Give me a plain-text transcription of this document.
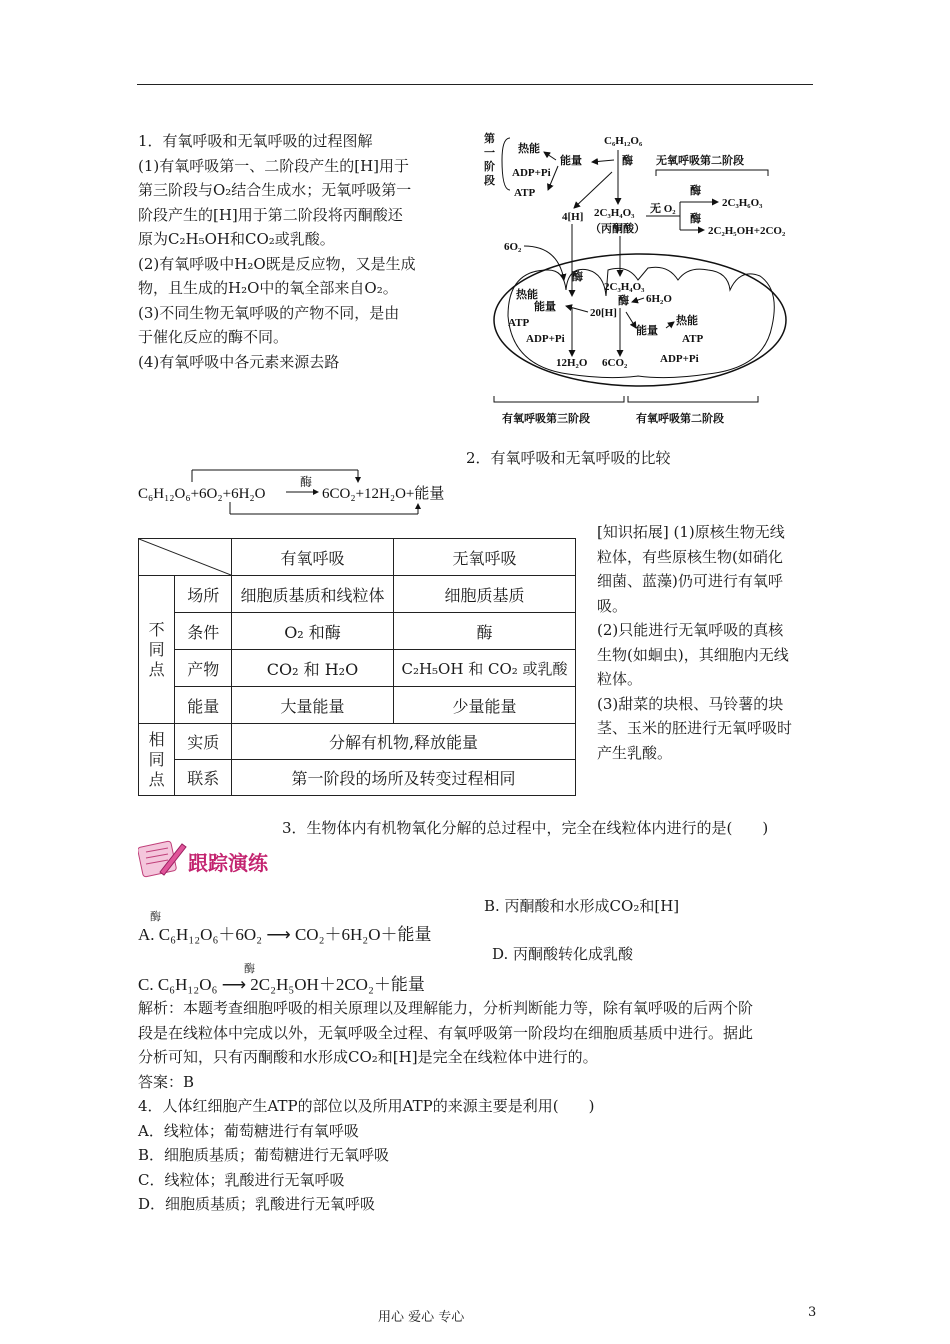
1．有氧呼吸和无氧呼吸的过程图解
(1)有氧呼吸第一、二阶段产生的[H]用于
第三阶段与O₂结合生成水；无氧呼吸第一
阶段产生的[H]用于第二阶段将丙酮酸还
原为C₂H₅OH和CO₂或乳酸。
(2)有氧呼吸中H₂O既是反应物，又是生成
物，且生成的H₂O中的氧全部来自O₂。
(3)不同生物无氧呼吸的产物不同，是由
于催化反应的酶不同。
(4)有氧呼吸中各元素来源去路
第
一
阶
段
热能
能量
ADP+Pi
ATP
C₆H₁₂O₆
酶 无氧呼吸第二阶段
酶
2C₃H₆O₃
酶
2C₂H₅OH+2CO₂
无 O₂
4[H] 2C₃H₄O₃
（丙酮酸）
6O₂
酶
2C₃H₄O₃
酶 6H₂O
热能
能量
ATP
ADP+Pi
20[H]
能量
热能
ATP
ADP+Pi
12H₂O 6CO₂
有氧呼吸第三阶段	有氧呼吸第二阶段
2．有氧呼吸和无氧呼吸的比较
C₆H₁₂O₆+6O₂+6H₂O
酶
6CO₂+12H₂O+能量
	有氧呼吸	无氧呼吸

不同点	场所	细胞质基质和线粒体	细胞质基质
	条件	O₂ 和酶	酶
	产物	CO₂ 和 H₂O	C₂H₅OH 和 CO₂ 或乳酸
	能量	大量能量	少量能量

相同点	实质	分解有机物,释放能量	
	联系	第一阶段的场所及转变过程相同	
[知识拓展] (1)原核生物无线
粒体，有些原核生物(如硝化
细菌、蓝藻)仍可进行有氧呼
吸。
(2)只能进行无氧呼吸的真核
生物(如蛔虫)，其细胞内无线
粒体。
(3)甜菜的块根、马铃薯的块
茎、玉米的胚进行无氧呼吸时
产生乳酸。
3．生物体内有机物氧化分解的总过程中，完全在线粒体内进行的是(　　)
跟踪演练
B. 丙酮酸和水形成CO₂和[H]
酶
A. C₆H₁₂O₆＋6O₂ ⟶ CO₂＋6H₂O＋能量
D. 丙酮酸转化成乳酸
酶
C. C₆H₁₂O₆ ⟶ 2C₂H₅OH＋2CO₂＋能量
解析：本题考查细胞呼吸的相关原理以及理解能力，分析判断能力等，除有氧呼吸的后两个阶
段是在线粒体中完成以外，无氧呼吸全过程、有氧呼吸第一阶段均在细胞质基质中进行。据此
分析可知，只有丙酮酸和水形成CO₂和[H]是完全在线粒体中进行的。
答案：B
4．人体红细胞产生ATP的部位以及所用ATP的来源主要是利用(　　)
A．线粒体；葡萄糖进行有氧呼吸
B．细胞质基质；葡萄糖进行无氧呼吸
C．线粒体；乳酸进行无氧呼吸
D．细胞质基质；乳酸进行无氧呼吸
用心 爱心 专心	3
